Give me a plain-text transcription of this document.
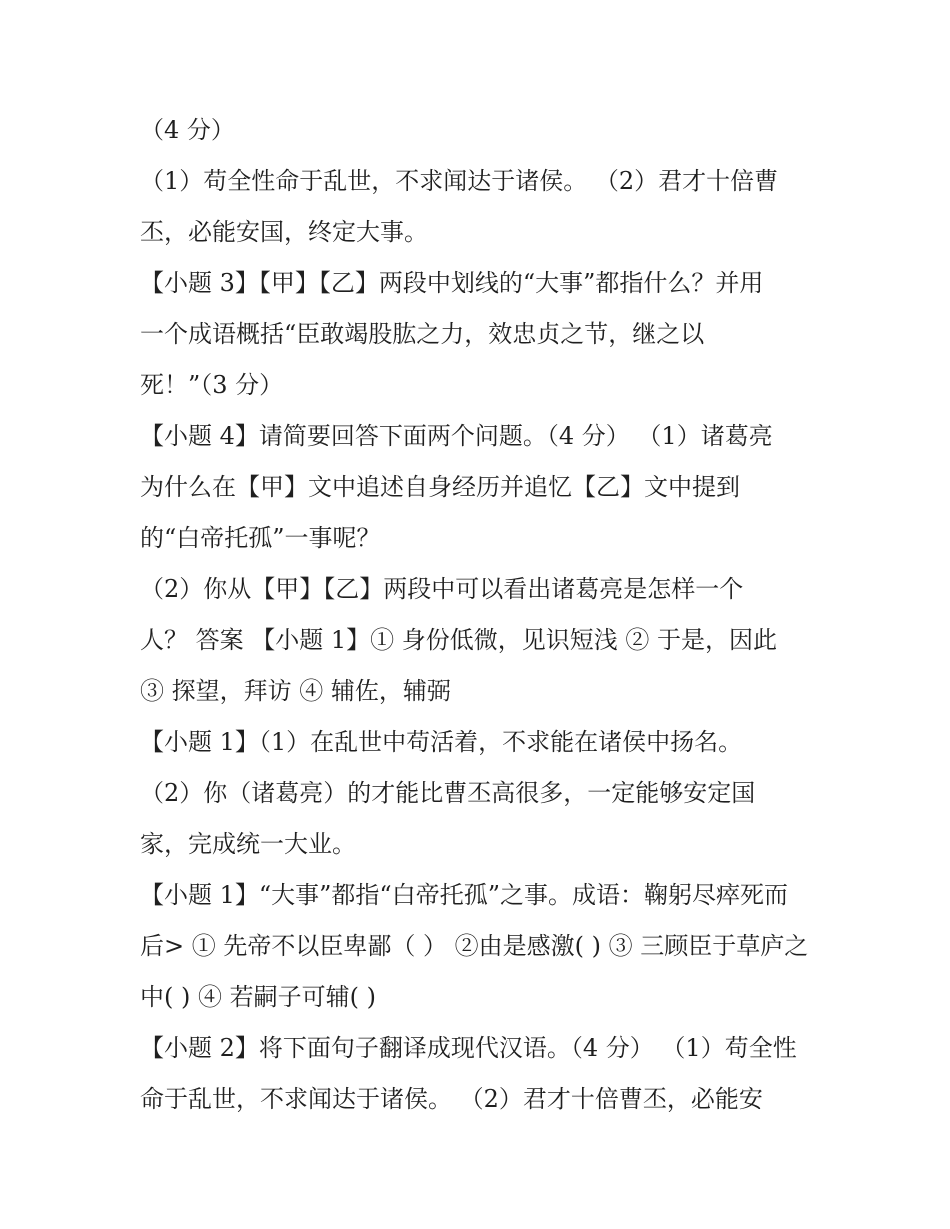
（4 分）
（1）苟全性命于乱世，不求闻达于诸侯。 （2）君才十倍曹
丕，必能安国，终定大事。
【小题 3】【甲】【乙】两段中划线的“大事”都指什么？并用
一个成语概括“臣敢竭股肱之力，效忠贞之节，继之以
死！”（3 分）
【小题 4】请简要回答下面两个问题。（4 分） （1）诸葛亮
为什么在【甲】文中追述自身经历并追忆【乙】文中提到
的“白帝托孤”一事呢？
（2）你从【甲】【乙】两段中可以看出诸葛亮是怎样一个
人？ 答案 【小题 1】① 身份低微，见识短浅 ② 于是，因此
③ 探望，拜访 ④ 辅佐，辅弼
【小题 1】（1）在乱世中苟活着，不求能在诸侯中扬名。
（2）你（诸葛亮）的才能比曹丕高很多，一定能够安定国
家，完成统一大业。
【小题 1】“大事”都指“白帝托孤”之事。成语：鞠躬尽瘁死而
后> ① 先帝不以臣卑鄙（ ） ②由是感激( ) ③ 三顾臣于草庐之
中( ) ④ 若嗣子可辅( )
【小题 2】将下面句子翻译成现代汉语。（4 分） （1）苟全性
命于乱世，不求闻达于诸侯。 （2）君才十倍曹丕，必能安
